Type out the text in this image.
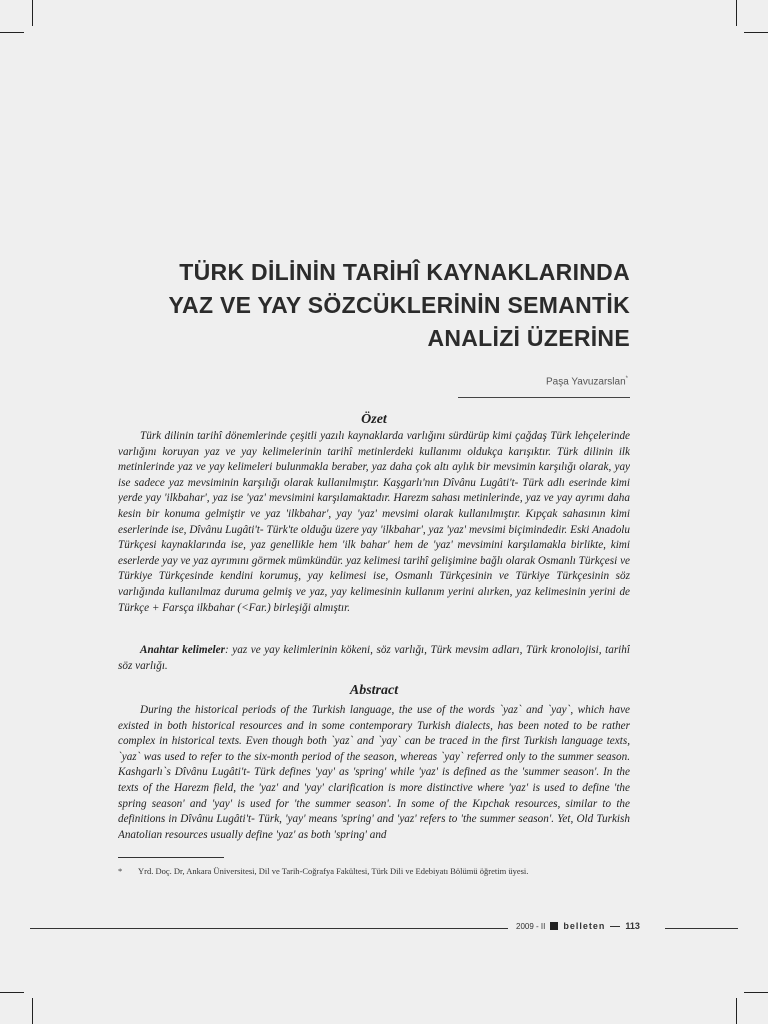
TÜRK DİLİNİN TARİHÎ KAYNAKLARINDA
YAZ VE YAY SÖZCÜKLERİNİN SEMANTİK
ANALİZİ ÜZERİNE
Paşa Yavuzarslan*
Özet

Türk dilinin tarihî dönemlerinde çeşitli yazılı kaynaklarda varlığını sürdürüp kimi çağdaş Türk lehçelerinde varlığını koruyan yaz ve yay kelimelerinin tarihî metinlerdeki kullanımı oldukça karışıktır. Türk dilinin ilk metinlerinde yaz ve yay kelimeleri bulunmakla beraber, yaz daha çok altı aylık bir mevsimin karşılığı olarak, yay ise sadece yaz mevsiminin karşılığı olarak kullanılmıştır. Kaşgarlı'nın Dîvânu Lugâti't- Türk adlı eserinde kimi yerde yay 'ilkbahar', yaz ise 'yaz' mevsimini karşılamaktadır. Harezm sahası metinlerinde, yaz ve yay ayrımı daha kesin bir konuma gelmiştir ve yaz 'ilkbahar', yay 'yaz' mevsimi olarak kullanılmıştır. Kıpçak sahasının kimi eserlerinde ise, Dîvânu Lugâti't- Türk'te olduğu üzere yay 'ilkbahar', yaz 'yaz' mevsimi biçimindedir. Eski Anadolu Türkçesi kaynaklarında ise, yaz genellikle hem 'ilk bahar' hem de 'yaz' mevsimini karşılamakla birlikte, kimi eserlerde yay ve yaz ayrımını görmek mümkündür. yaz kelimesi tarihî gelişimine bağlı olarak Osmanlı Türkçesi ve Türkiye Türkçesinde kendini korumuş, yay kelimesi ise, Osmanlı Türkçesinin ve Türkiye Türkçesinin söz varlığında kullanılmaz duruma gelmiş ve yaz, yay kelimesinin kullanım yerini alırken, yaz kelimesinin yerini de Türkçe + Farsça ilkbahar (<Far.) birleşiği almıştır.

Anahtar kelimeler: yaz ve yay kelimlerinin kökeni, söz varlığı, Türk mevsim adları, Türk kronolojisi, tarihî söz varlığı.

Abstract

During the historical periods of the Turkish language, the use of the words `yaz` and `yay`, which have existed in both historical resources and in some contemporary Turkish dialects, has been noted to be rather complex in historical texts. Even though both `yaz` and `yay` can be traced in the first Turkish language texts, `yaz` was used to refer to the six-month period of the season, whereas `yay` referred only to the summer season. Kashgarlı`s Dîvânu Lugâti't- Türk defines 'yay' as 'spring' while 'yaz' is defined as the 'summer season'. In the texts of the Harezm field, the 'yaz' and 'yay' clarification is more distinctive where 'yaz' is used to define 'the spring season' and 'yay' is used for 'the summer season'. In some of the Kıpchak resources, similar to the definitions in Dîvânu Lugâti't- Türk, 'yay' means 'spring' and 'yaz' refers to 'the summer season'. Yet, Old Turkish Anatolian resources usually define 'yaz' as both 'spring' and

* Yrd. Doç. Dr, Ankara Üniversitesi, Dil ve Tarih-Coğrafya Fakültesi, Türk Dili ve Edebiyatı Bölümü öğretim üyesi.
2009 - II belleten 113
